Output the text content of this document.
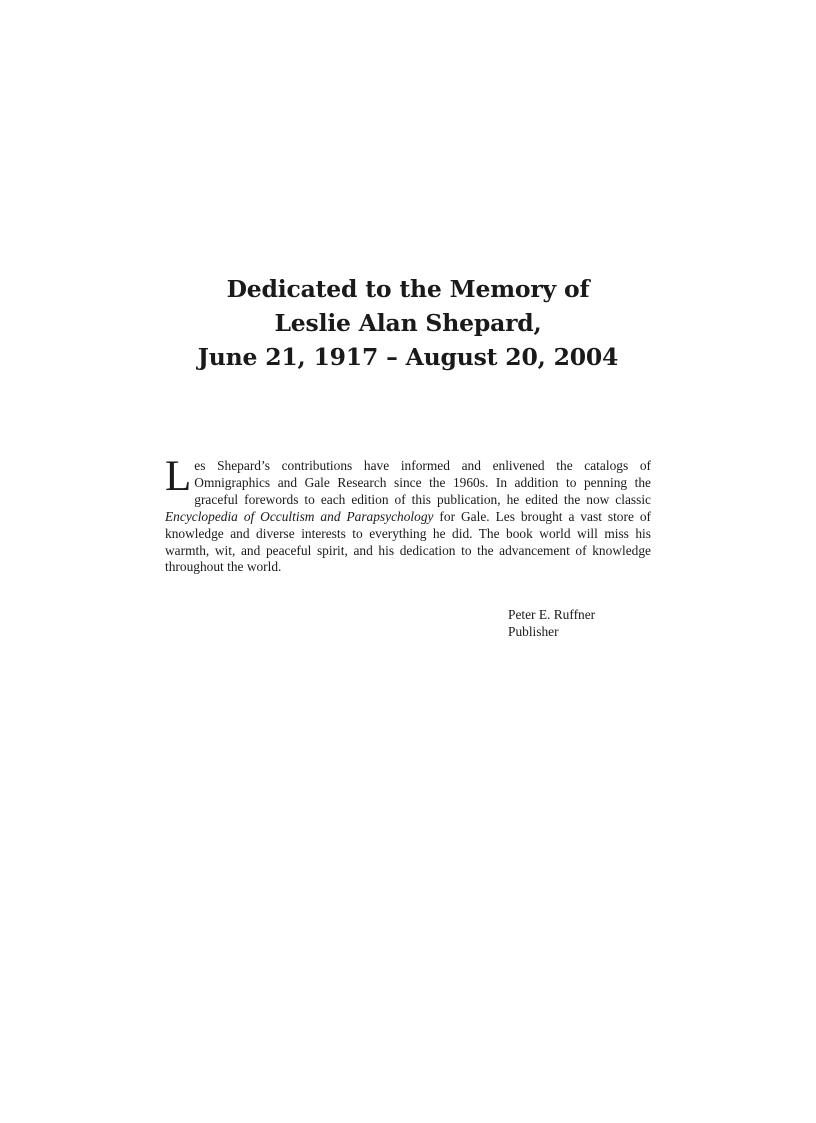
Dedicated to the Memory of
Leslie Alan Shepard,
June 21, 1917 – August 20, 2004

Les Shepard’s contributions have informed and enlivened the catalogs of Omnigraphics and Gale Research since the 1960s. In addition to penning the graceful forewords to each edition of this publication, he edited the now classic Encyclopedia of Occultism and Parapsychology for Gale. Les brought a vast store of knowledge and diverse interests to everything he did. The book world will miss his warmth, wit, and peaceful spirit, and his dedication to the advancement of knowledge throughout the world.

Peter E. Ruffner
Publisher
